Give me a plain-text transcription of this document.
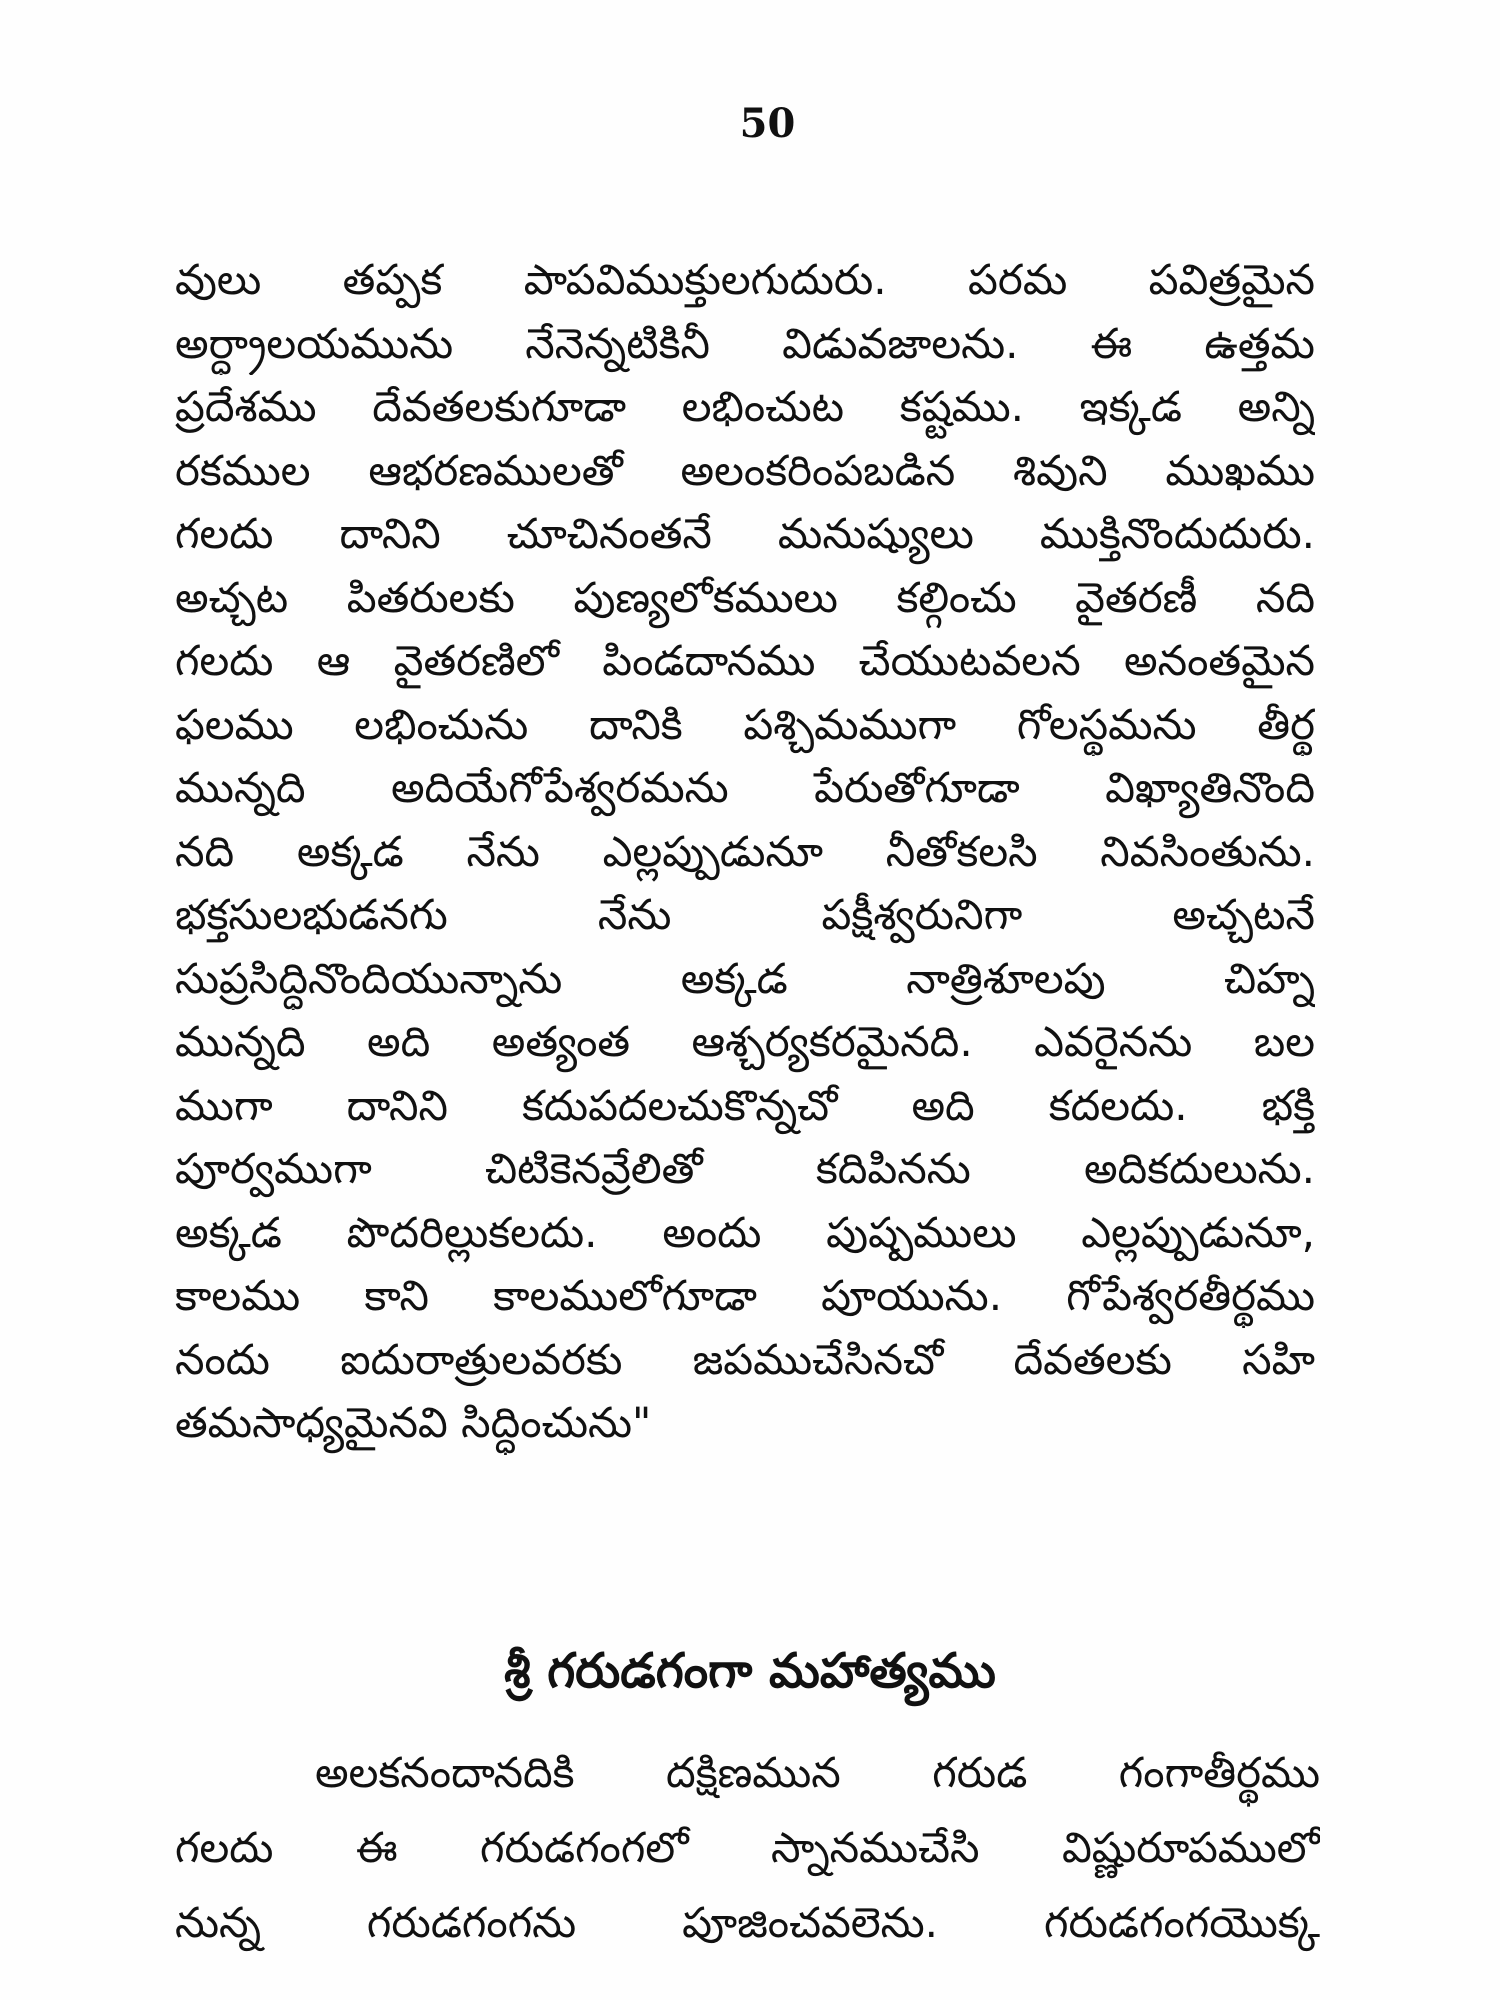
50
వులు తప్పక పాపవిముక్తులగుదురు. పరమ పవిత్రమైన
అర్ధ్రాలయమును నేనెన్నటికినీ విడువజాలను. ఈ ఉత్తమ
ప్రదేశము దేవతలకుగూడా లభించుట కష్టము. ఇక్కడ అన్ని
రకముల ఆభరణములతో అలంకరింపబడిన శివుని ముఖము
గలదు దానిని చూచినంతనే మనుష్యులు ముక్తినొందుదురు.
అచ్చట పితరులకు పుణ్యలోకములు కల్గించు వైతరణీ నది
గలదు ఆ వైతరణిలో పిండదానము చేయుటవలన అనంతమైన
ఫలము లభించును దానికి పశ్చిమముగా గోలస్థమను తీర్థ
మున్నది అదియేగోపేశ్వరమను పేరుతోగూడా విఖ్యాతినొంది
నది అక్కడ నేను ఎల్లప్పుడునూ నీతోకలసి నివసింతును.
భక్తసులభుడనగు నేను పక్షీశ్వరునిగా అచ్చటనే
సుప్రసిద్ధినొందియున్నాను అక్కడ నాత్రిశూలపు చిహ్న
మున్నది అది అత్యంత ఆశ్చర్యకరమైనది. ఎవరైనను బల
ముగా దానిని కదుపదలచుకొన్నచో అది కదలదు. భక్తి
పూర్వముగా చిటికెనవ్రేలితో కదిపినను అదికదులును.
అక్కడ పొదరిల్లుకలదు. అందు పుష్పములు ఎల్లప్పుడునూ,
కాలము కాని కాలములోగూడా పూయును. గోపేశ్వరతీర్థము
నందు ఐదురాత్రులవరకు జపముచేసినచో దేవతలకు సహి
తమసాధ్యమైనవి సిద్ధించును"
శ్రీ గరుడగంగా మహాత్యము
అలకనందానదికి దక్షిణమున గరుడ గంగాతీర్థము
గలదు ఈ గరుడగంగలో స్నానముచేసి విష్ణురూపములో
నున్న గరుడగంగను పూజించవలెను. గరుడగంగయొక్క
